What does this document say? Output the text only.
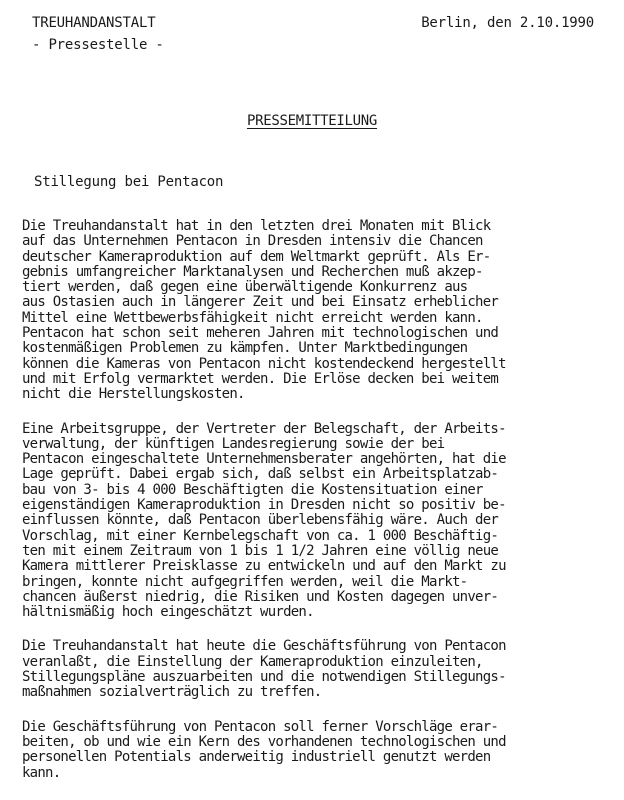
TREUHANDANSTALT
- Pressestelle -
Berlin, den 2.10.1990
PRESSEMITTEILUNG
Stillegung bei Pentacon
Die Treuhandanstalt hat in den letzten drei Monaten mit Blick
auf das Unternehmen Pentacon in Dresden intensiv die Chancen
deutscher Kameraproduktion auf dem Weltmarkt geprüft. Als Er-
gebnis umfangreicher Marktanalysen und Recherchen muß akzep-
tiert werden, daß gegen eine überwältigende Konkurrenz aus
aus Ostasien auch in längerer Zeit und bei Einsatz erheblicher
Mittel eine Wettbewerbsfähigkeit nicht erreicht werden kann.
Pentacon hat schon seit meheren Jahren mit technologischen und
kostenmäßigen Problemen zu kämpfen. Unter Marktbedingungen
können die Kameras von Pentacon nicht kostendeckend hergestellt
und mit Erfolg vermarktet werden. Die Erlöse decken bei weitem
nicht die Herstellungskosten.
Eine Arbeitsgruppe, der Vertreter der Belegschaft, der Arbeits-
verwaltung, der künftigen Landesregierung sowie der bei
Pentacon eingeschaltete Unternehmensberater angehörten, hat die
Lage geprüft. Dabei ergab sich, daß selbst ein Arbeitsplatzab-
bau von 3- bis 4 000 Beschäftigten die Kostensituation einer
eigenständigen Kameraproduktion in Dresden nicht so positiv be-
einflussen könnte, daß Pentacon überlebensfähig wäre. Auch der
Vorschlag, mit einer Kernbelegschaft von ca. 1 000 Beschäftig-
ten mit einem Zeitraum von 1 bis 1 1/2 Jahren eine völlig neue
Kamera mittlerer Preisklasse zu entwickeln und auf den Markt zu
bringen, konnte nicht aufgegriffen werden, weil die Markt-
chancen äußerst niedrig, die Risiken und Kosten dagegen unver-
hältnismäßig hoch eingeschätzt wurden.
Die Treuhandanstalt hat heute die Geschäftsführung von Pentacon
veranlaßt, die Einstellung der Kameraproduktion einzuleiten,
Stillegungspläne auszuarbeiten und die notwendigen Stillegungs-
maßnahmen sozialverträglich zu treffen.
Die Geschäftsführung von Pentacon soll ferner Vorschläge erar-
beiten, ob und wie ein Kern des vorhandenen technologischen und
personellen Potentials anderweitig industriell genutzt werden
kann.
